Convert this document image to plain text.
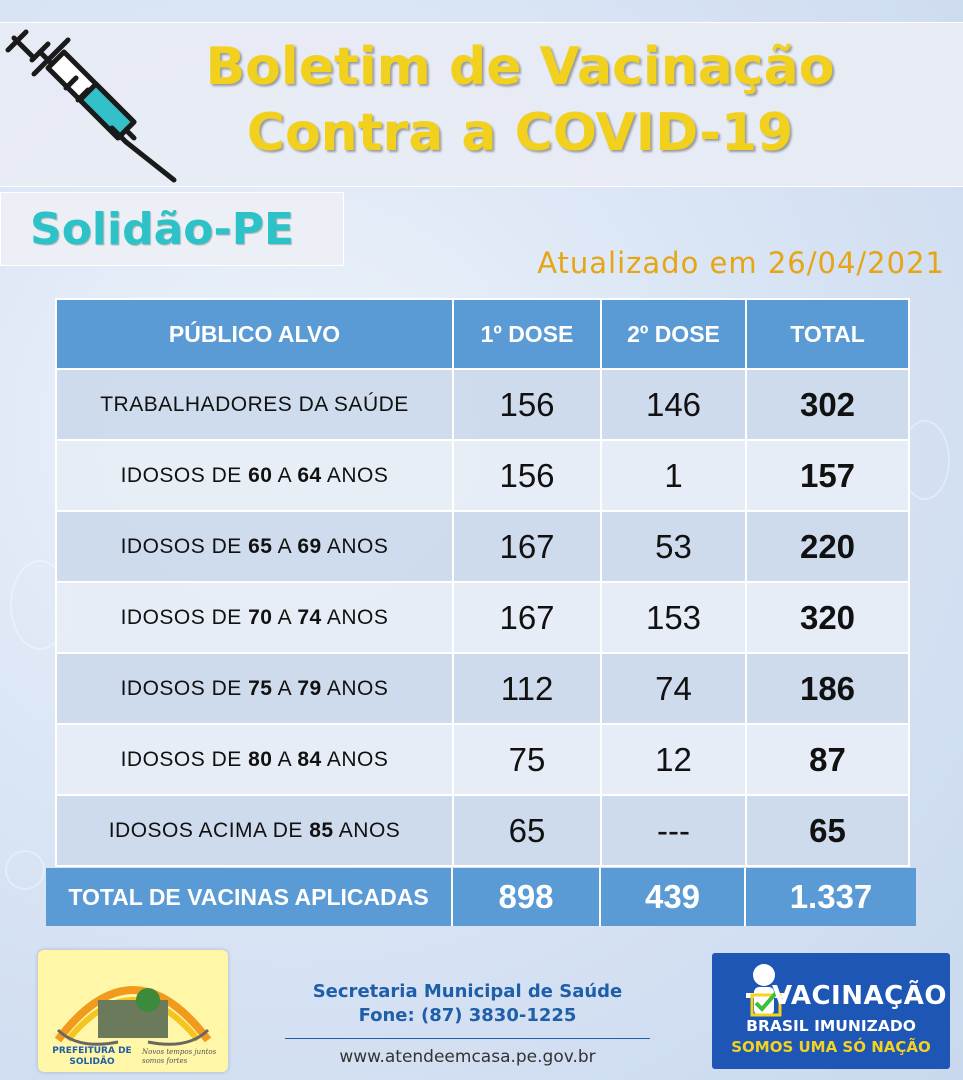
Boletim de Vacinação
Contra a COVID-19
Solidão-PE
Atualizado em 26/04/2021
PÚBLICO ALVO	1º DOSE	2º DOSE	TOTAL
TRABALHADORES DA SAÚDE	156	146	302
IDOSOS DE 60 A 64 ANOS	156	1	157
IDOSOS DE 65 A 69 ANOS	167	53	220
IDOSOS DE 70 A 74 ANOS	167	153	320
IDOSOS DE 75 A 79 ANOS	112	74	186
IDOSOS DE 80 A 84 ANOS	75	12	87
IDOSOS ACIMA DE 85 ANOS	65	---	65
TOTAL DE VACINAS APLICADAS	898	439	1.337
PREFEITURA DE SOLIDÃO
Novos tempos juntos somos fortes
Secretaria Municipal de Saúde
Fone: (87) 3830-1225
www.atendeemcasa.pe.gov.br
VACINAÇÃO
BRASIL IMUNIZADO
SOMOS UMA SÓ NAÇÃO
